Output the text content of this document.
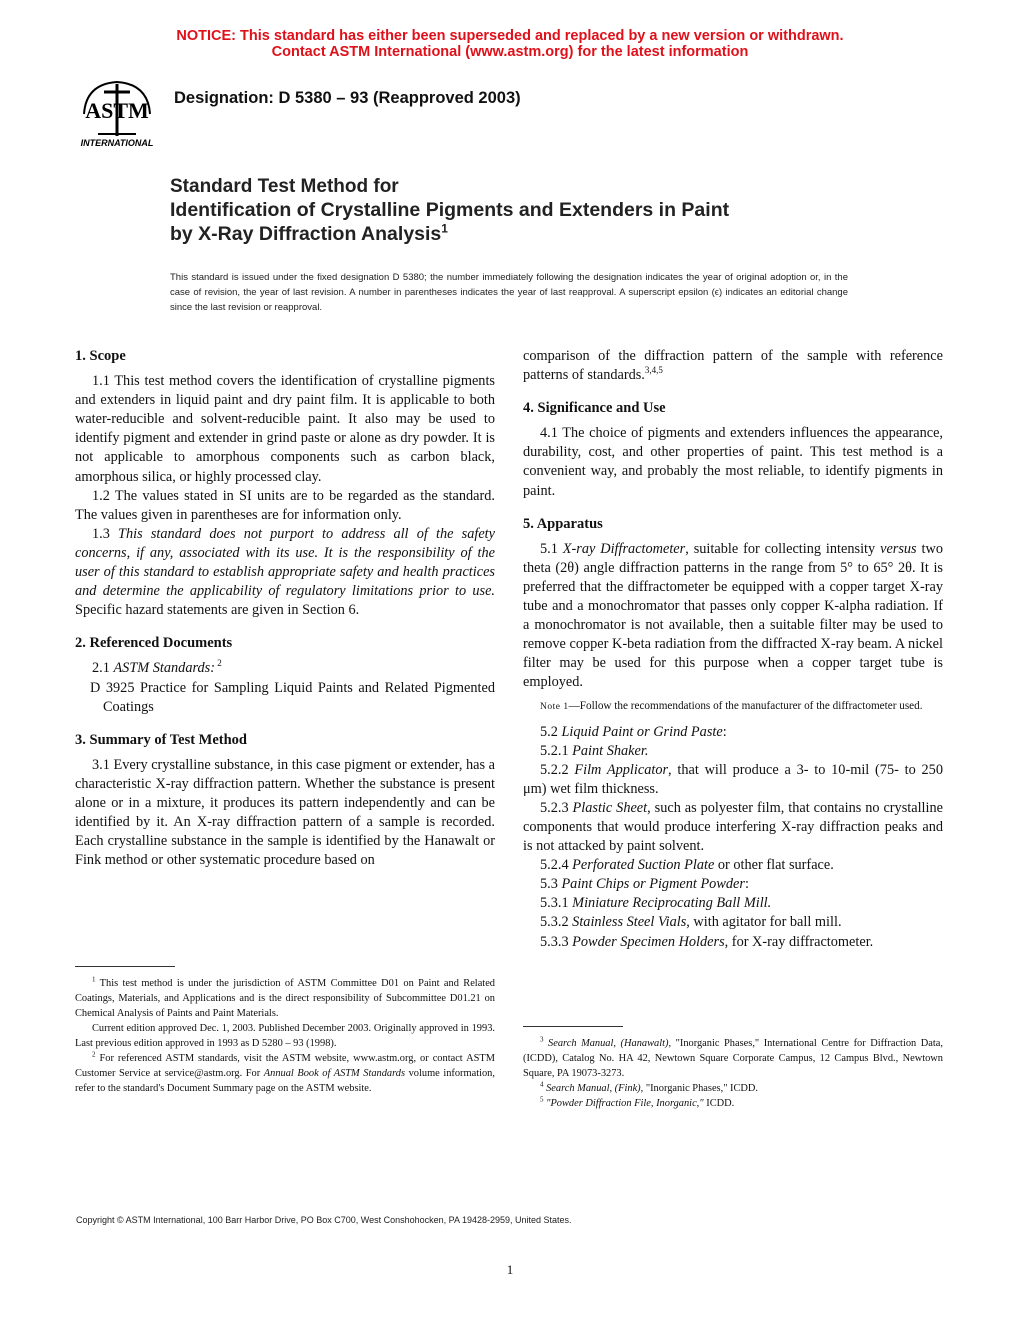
NOTICE: This standard has either been superseded and replaced by a new version or withdrawn.
Contact ASTM International (www.astm.org) for the latest information
ASTM
INTERNATIONAL
Designation: D 5380 – 93 (Reapproved 2003)
Standard Test Method for
Identification of Crystalline Pigments and Extenders in Paint
by X-Ray Diffraction Analysis$^1$
This standard is issued under the fixed designation D 5380; the number immediately following the designation indicates the year of original adoption or, in the case of revision, the year of last revision. A number in parentheses indicates the year of last reapproval. A superscript epsilon (ϵ) indicates an editorial change since the last revision or reapproval.
1. Scope

1.1 This test method covers the identification of crystalline pigments and extenders in liquid paint and dry paint film. It is applicable to both water-reducible and solvent-reducible paint. It also may be used to identify pigment and extender in grind paste or alone as dry powder. It is not applicable to amorphous components such as carbon black, amorphous silica, or highly processed clay.

1.2 The values stated in SI units are to be regarded as the standard. The values given in parentheses are for information only.

1.3 This standard does not purport to address all of the safety concerns, if any, associated with its use. It is the responsibility of the user of this standard to establish appropriate safety and health practices and determine the applicability of regulatory limitations prior to use. Specific hazard statements are given in Section 6.

2. Referenced Documents

2.1 ASTM Standards: $^2$

D 3925 Practice for Sampling Liquid Paints and Related Pigmented Coatings

3. Summary of Test Method

3.1 Every crystalline substance, in this case pigment or extender, has a characteristic X-ray diffraction pattern. Whether the substance is present alone or in a mixture, it produces its pattern independently and can be identified by it. An X-ray diffraction pattern of a sample is recorded. Each crystalline substance in the sample is identified by the Hanawalt or Fink method or other systematic procedure based on

comparison of the diffraction pattern of the sample with reference patterns of standards.$^{3,4,5}$

4. Significance and Use

4.1 The choice of pigments and extenders influences the appearance, durability, cost, and other properties of paint. This test method is a convenient way, and probably the most reliable, to identify pigments in paint.

5. Apparatus

5.1 X-ray Diffractometer, suitable for collecting intensity versus two theta (2θ) angle diffraction patterns in the range from 5° to 65° 2θ. It is preferred that the diffractometer be equipped with a copper target X-ray tube and a monochromator that passes only copper K-alpha radiation. If a monochromator is not available, then a suitable filter may be used to remove copper K-beta radiation from the diffracted X-ray beam. A nickel filter may be used for this purpose when a copper target tube is employed.

Note 1—Follow the recommendations of the manufacturer of the diffractometer used.

5.2 Liquid Paint or Grind Paste:

5.2.1 Paint Shaker.

5.2.2 Film Applicator, that will produce a 3- to 10-mil (75- to 250 μm) wet film thickness.

5.2.3 Plastic Sheet, such as polyester film, that contains no crystalline components that would produce interfering X-ray diffraction peaks and is not attacked by paint solvent.

5.2.4 Perforated Suction Plate or other flat surface.

5.3 Paint Chips or Pigment Powder:

5.3.1 Miniature Reciprocating Ball Mill.

5.3.2 Stainless Steel Vials, with agitator for ball mill.

5.3.3 Powder Specimen Holders, for X-ray diffractometer.

$^1$ This test method is under the jurisdiction of ASTM Committee D01 on Paint and Related Coatings, Materials, and Applications and is the direct responsibility of Subcommittee D01.21 on Chemical Analysis of Paints and Paint Materials.

Current edition approved Dec. 1, 2003. Published December 2003. Originally approved in 1993. Last previous edition approved in 1993 as D 5280 – 93 (1998).

$^2$ For referenced ASTM standards, visit the ASTM website, www.astm.org, or contact ASTM Customer Service at service@astm.org. For Annual Book of ASTM Standards volume information, refer to the standard's Document Summary page on the ASTM website.

$^3$ Search Manual, (Hanawalt), "Inorganic Phases," International Centre for Diffraction Data, (ICDD), Catalog No. HA 42, Newtown Square Corporate Campus, 12 Campus Blvd., Newtown Square, PA 19073-3273.

$^4$ Search Manual, (Fink), "Inorganic Phases," ICDD.

$^5$ "Powder Diffraction File, Inorganic," ICDD.

Copyright © ASTM International, 100 Barr Harbor Drive, PO Box C700, West Conshohocken, PA 19428-2959, United States.
1
